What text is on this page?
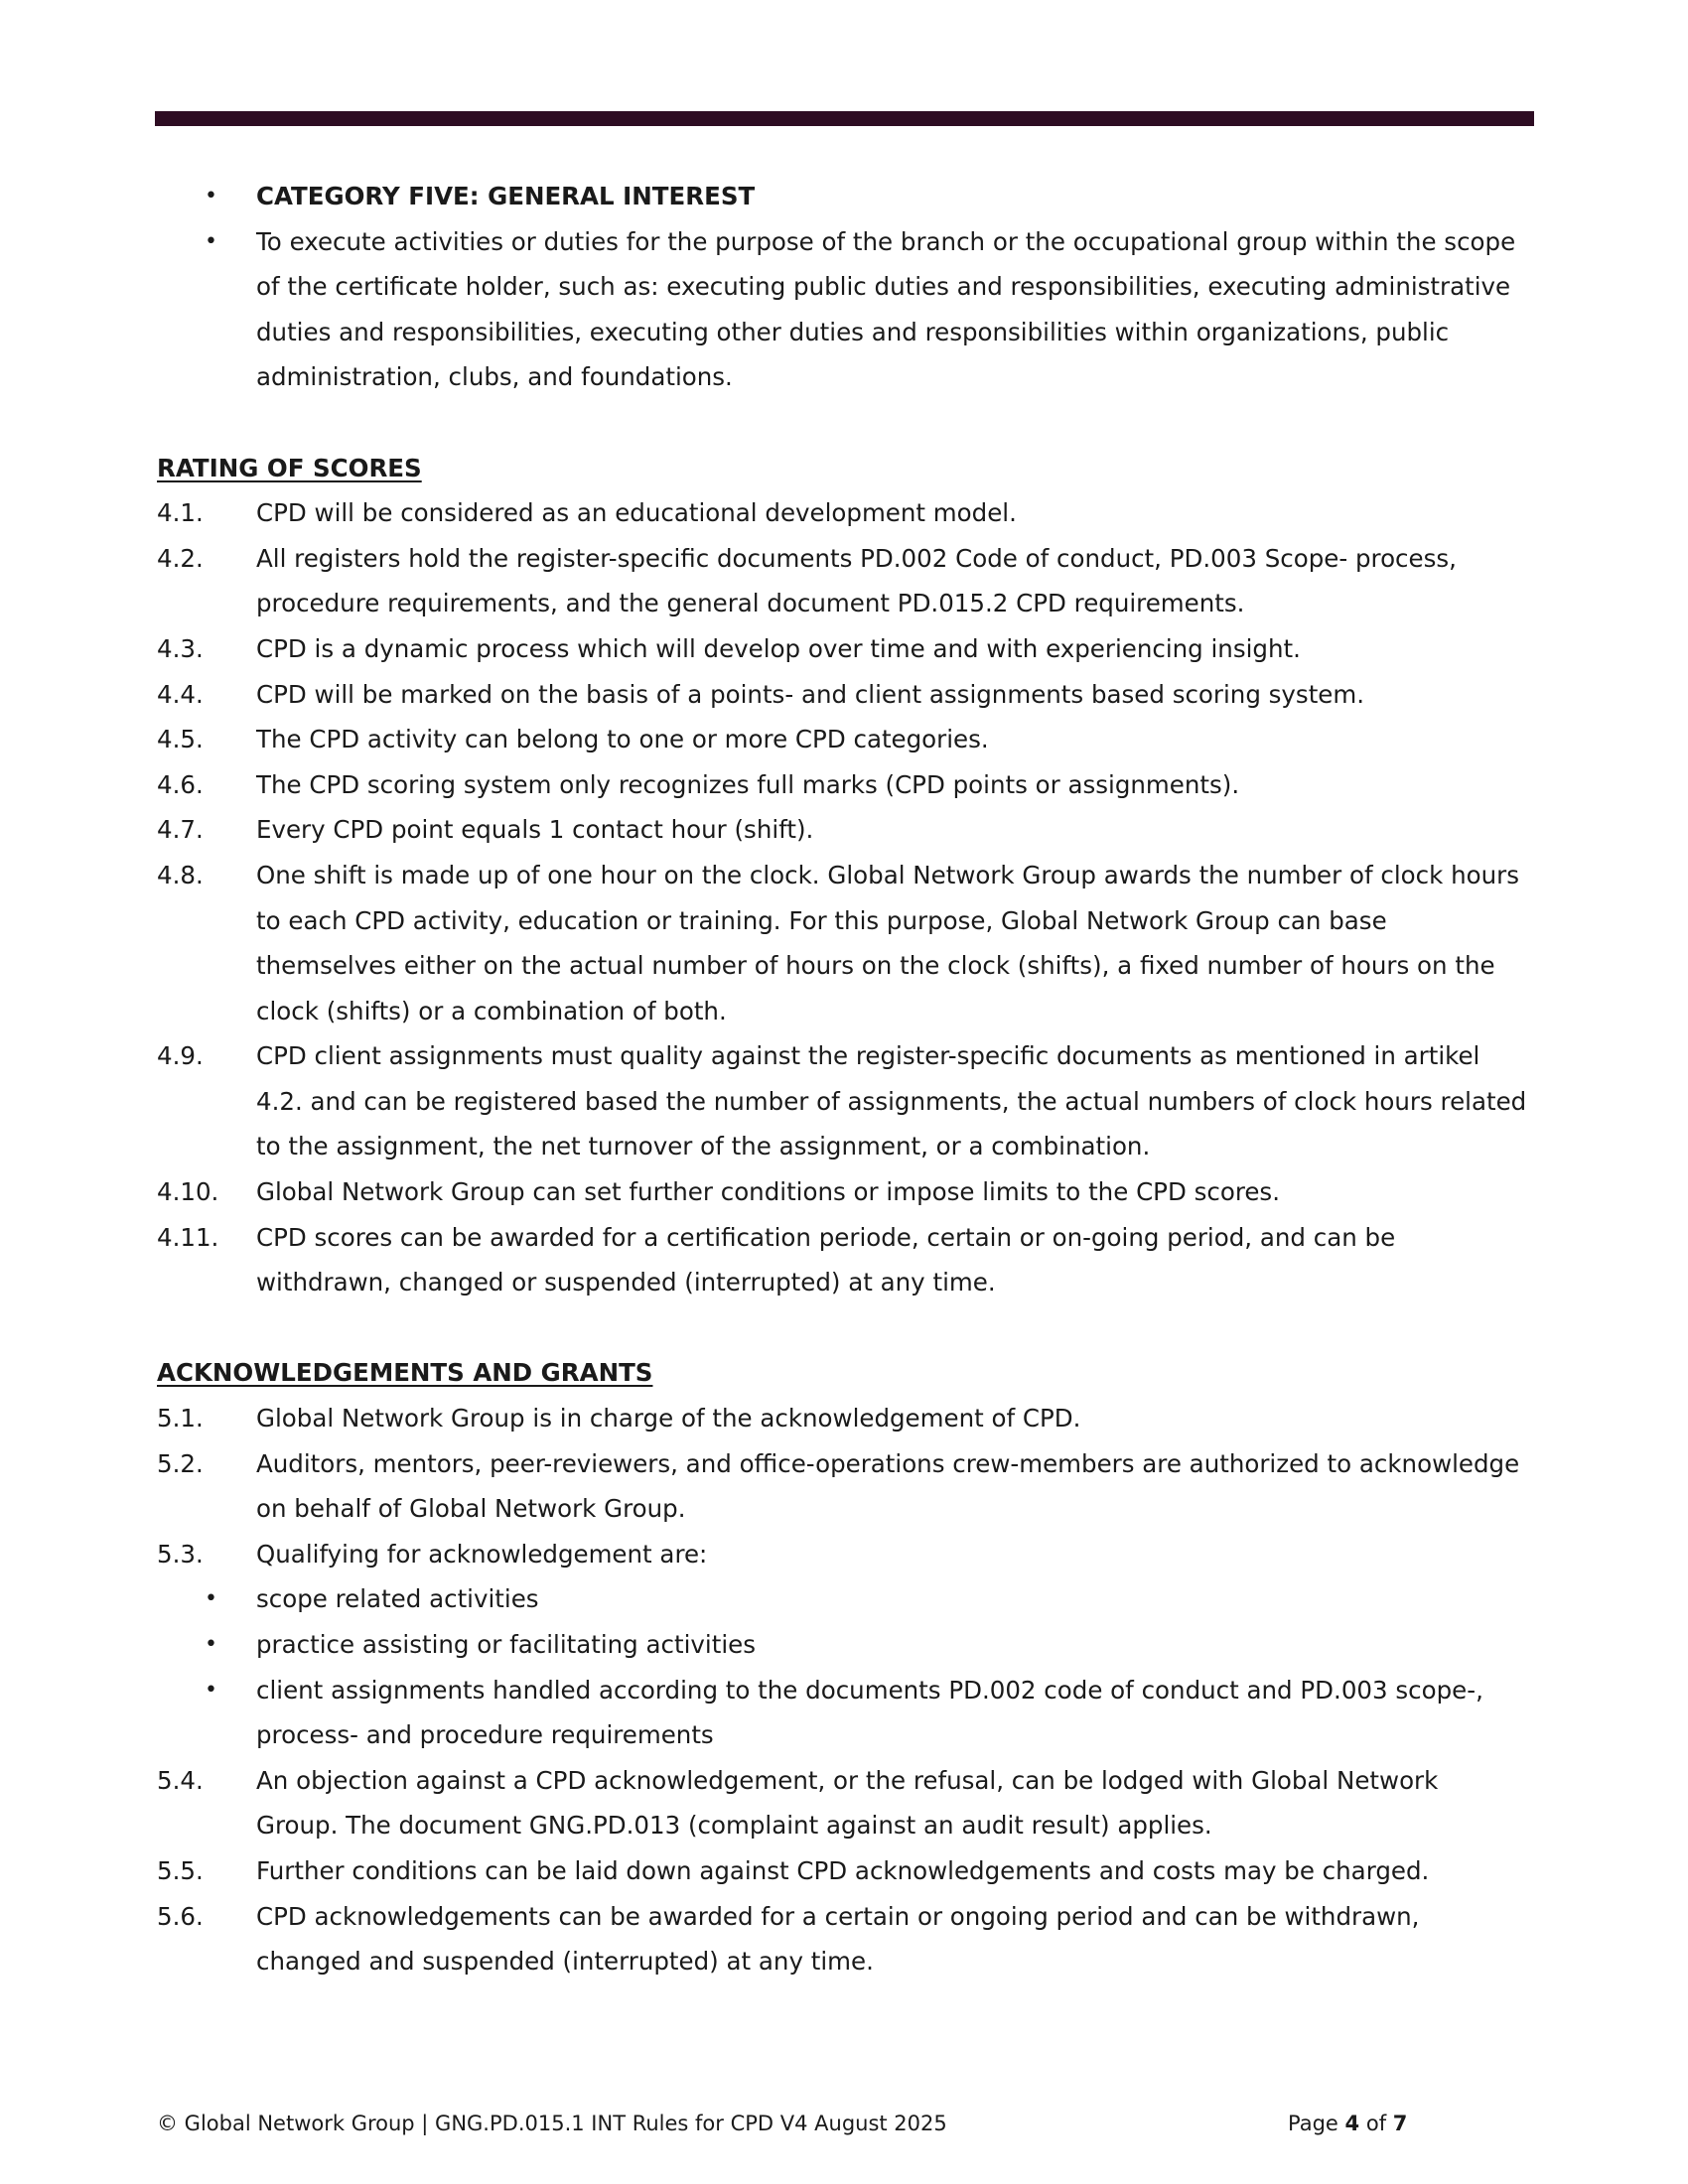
• CATEGORY FIVE: GENERAL INTEREST
• To execute activities or duties for the purpose of the branch or the occupational group within the scope of the certificate holder, such as: executing public duties and responsibilities, executing administrative duties and responsibilities, executing other duties and responsibilities within organizations, public administration, clubs, and foundations.
RATING OF SCORES
4.1.	CPD will be considered as an educational development model.
4.2.	All registers hold the register-specific documents PD.002 Code of conduct, PD.003 Scope- process, procedure requirements, and the general document PD.015.2 CPD requirements.
4.3.	CPD is a dynamic process which will develop over time and with experiencing insight.
4.4.	CPD will be marked on the basis of a points- and client assignments based scoring system.
4.5.	The CPD activity can belong to one or more CPD categories.
4.6.	The CPD scoring system only recognizes full marks (CPD points or assignments).
4.7.	Every CPD point equals 1 contact hour (shift).
4.8.	One shift is made up of one hour on the clock. Global Network Group awards the number of clock hours to each CPD activity, education or training. For this purpose, Global Network Group can base themselves either on the actual number of hours on the clock (shifts), a fixed number of hours on the clock (shifts) or a combination of both.
4.9.	CPD client assignments must quality against the register-specific documents as mentioned in artikel 4.2. and can be registered based the number of assignments, the actual numbers of clock hours related to the assignment, the net turnover of the assignment, or a combination.
4.10.	Global Network Group can set further conditions or impose limits to the CPD scores.
4.11.	CPD scores can be awarded for a certification periode, certain or on-going period, and can be withdrawn, changed or suspended (interrupted) at any time.
ACKNOWLEDGEMENTS AND GRANTS
5.1.	Global Network Group is in charge of the acknowledgement of CPD.
5.2.	Auditors, mentors, peer-reviewers, and office-operations crew-members are authorized to acknowledge on behalf of Global Network Group.
5.3.	Qualifying for acknowledgement are:
• scope related activities
• practice assisting or facilitating activities
• client assignments handled according to the documents PD.002 code of conduct and PD.003 scope-, process- and procedure requirements
5.4.	An objection against a CPD acknowledgement, or the refusal, can be lodged with Global Network Group. The document GNG.PD.013 (complaint against an audit result) applies.
5.5.	Further conditions can be laid down against CPD acknowledgements and costs may be charged.
5.6.	CPD acknowledgements can be awarded for a certain or ongoing period and can be withdrawn, changed and suspended (interrupted) at any time.
© Global Network Group | GNG.PD.015.1 INT Rules for CPD V4 August 2025	Page 4 of 7
